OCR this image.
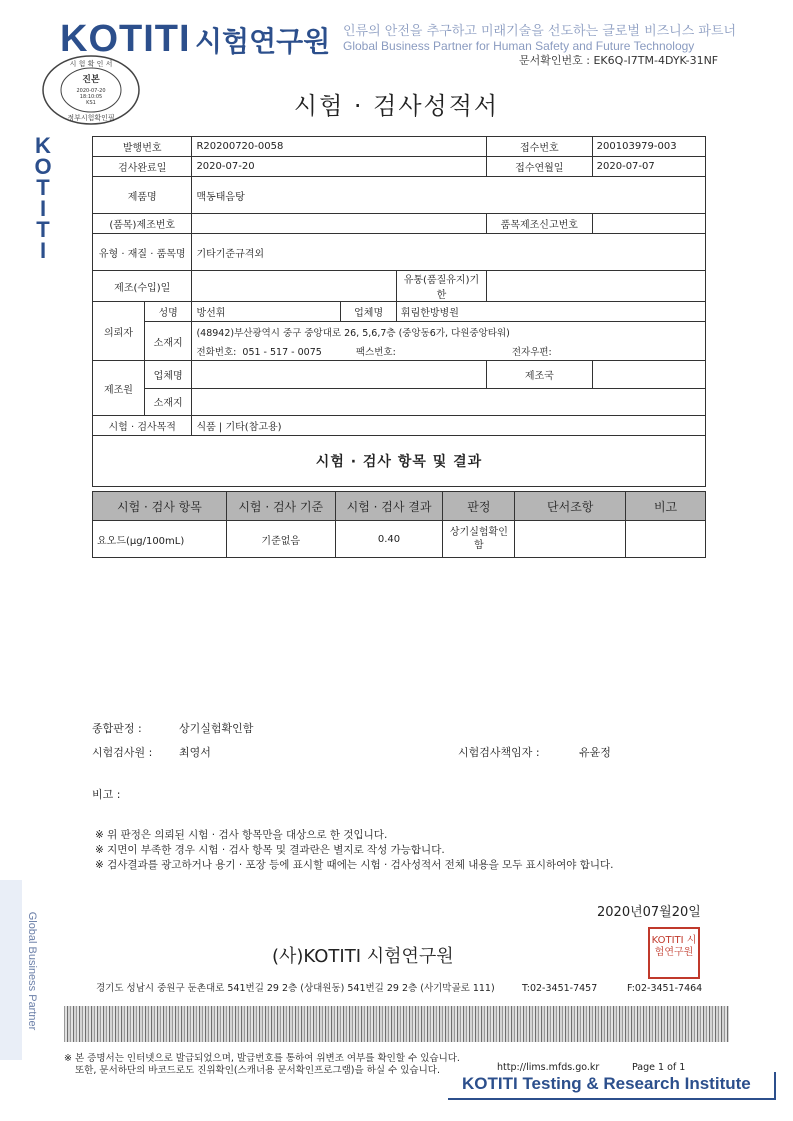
KOTITI 시험연구원 인류의 안전을 추구하고 미래기술을 선도하는 글로벌 비즈니스 파트너
Global Business Partner for Human Safety and Future Technology
문서확인번호 : EK6Q-I7TM-4DYK-31NF
시 험 확 인 서
진본
2020-07-20
18:10:05
KS1
정부시험확인필	시험 · 검사성적서
K
O
T
I
T
I
Global Business Partner
발행번호		R20200720-0058			접수번호	200103979-003
검사완료일		2020-07-20			접수연월일	2020-07-07
제품명		맥동태음탕				
(품목)제조번호					품목제조신고번호	
유형 · 재질 · 품목명		기타기준규격외				
제조(수입)일				유통(품질유지)기한		
의뢰자	성명	방선휘	업체명	휘림한방병원		
	소재지	(48942)부산광역시 중구 중앙대로 26, 5,6,7층 (중앙동6가, 다원중앙타워)				
		전화번호: 051 - 517 - 0075 팩스번호: 전자우편:				
제조원	업체명				제조국	
	소재지					
시험 · 검사목적		식품 | 기타(참고용)				
시험 · 검사 항목 및 결과						
시험 · 검사 항목	시험 · 검사 기준	시험 · 검사 결과	판정	단서조항	비고
요오드(μg/100mL)	기준없음	0.40	상기실험확인함		
종합판정 :	상기실험확인함
시험검사원 : 최영서	시험검사책임자 :	유윤정
비고 :
※ 위 판정은 의뢰된 시험 · 검사 항목만을 대상으로 한 것입니다.
※ 지면이 부족한 경우 시험 · 검사 항목 및 결과란은 별지로 작성 가능합니다.
※ 검사결과를 광고하거나 용기 · 포장 등에 표시할 때에는 시험 · 검사성적서 전체 내용을 모두 표시하여야 합니다.
2020년07월20일
(사)KOTITI 시험연구원
KOTITI 시험연구원
경기도 성남시 중원구 둔촌대로 541번길 29 2층 (상대원동) 541번길 29 2층 (사기막골로 111)	T:02-3451-7457	F:02-3451-7464
※ 본 증명서는 인터넷으로 발급되었으며, 발급번호를 통하여 위변조 여부를 확인할 수 있습니다.
또한, 문서하단의 바코드로도 진위확인(스캐너용 문서확인프로그램)을 하실 수 있습니다.	http://lims.mfds.go.kr	Page 1 of 1
KOTITI Testing & Research Institute
